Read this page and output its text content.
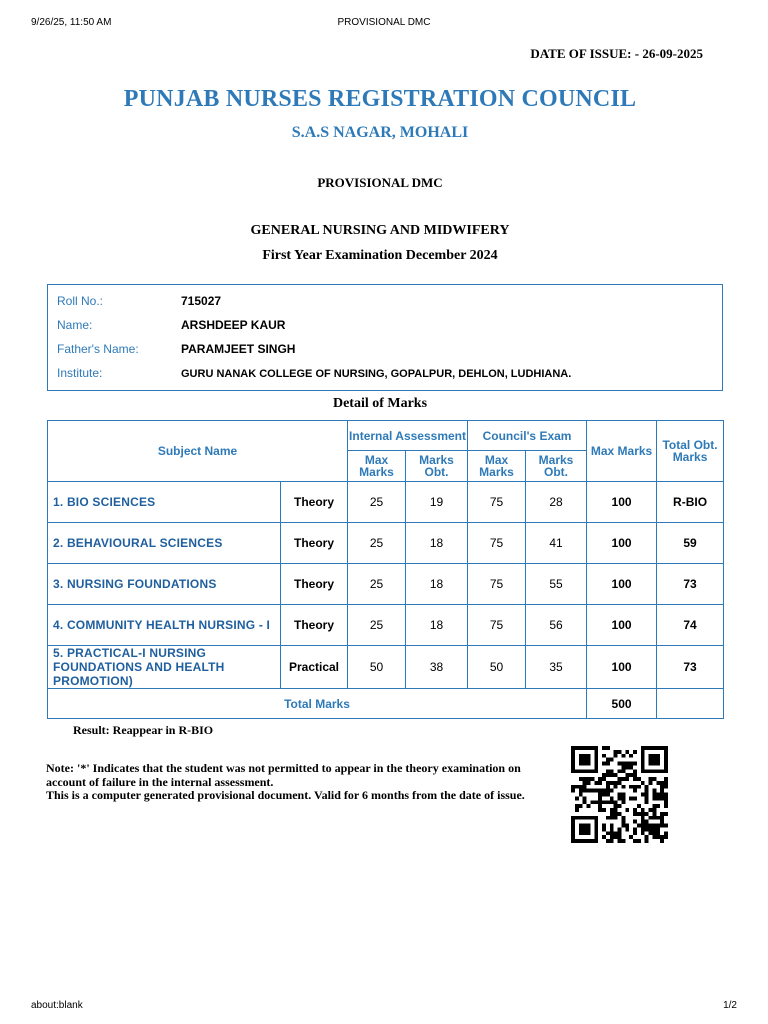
9/26/25, 11:50 AM	PROVISIONAL DMC
DATE OF ISSUE: - 26-09-2025
PUNJAB NURSES REGISTRATION COUNCIL
S.A.S NAGAR, MOHALI
PROVISIONAL DMC
GENERAL NURSING AND MIDWIFERY
First Year Examination December 2024
Roll No.:	715027
Name:	ARSHDEEP KAUR
Father's Name:	PARAMJEET SINGH
Institute:	GURU NANAK COLLEGE OF NURSING, GOPALPUR, DEHLON, LUDHIANA.
Detail of Marks
Subject Name		Internal Assessment		Council's Exam		Max Marks	Total Obt. Marks
		Max Marks	Marks Obt.	Max Marks	Marks Obt.		
1. BIO SCIENCES	Theory	25	19	75	28	100	R-BIO
2. BEHAVIOURAL SCIENCES	Theory	25	18	75	41	100	59
3. NURSING FOUNDATIONS	Theory	25	18	75	55	100	73
4. COMMUNITY HEALTH NURSING - I	Theory	25	18	75	56	100	74
5. PRACTICAL-I NURSING FOUNDATIONS AND HEALTH PROMOTION)	Practical	50	38	50	35	100	73
Total Marks						500	
Result: Reappear in R-BIO
Note: '*' Indicates that the student was not permitted to appear in the theory examination on account of failure in the internal assessment.
This is a computer generated provisional document. Valid for 6 months from the date of issue.
about:blank	1/2
